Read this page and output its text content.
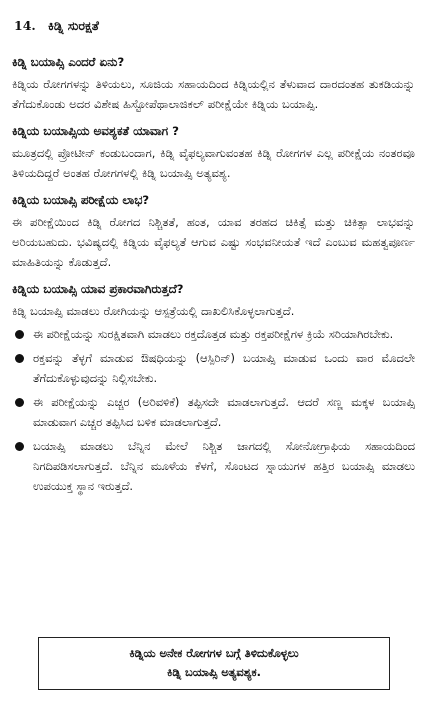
14. ಕಿಡ್ನಿ ಸುರಕ್ಷತೆ

ಕಿಡ್ನಿ ಬಯಾಪ್ಸಿ ಎಂದರೆ ಏನು?

ಕಿಡ್ನಿಯ ರೋಗಗಳನ್ನು ತಿಳಿಯಲು, ಸೂಜಿಯ ಸಹಾಯದಿಂದ ಕಿಡ್ನಿಯಲ್ಲಿನ ತೆಳುವಾದ ದಾರದಂತಹ ತುಕಡಿಯನ್ನು ತೆಗೆದುಕೊಂಡು ಅದರ ವಿಶೇಷ ಹಿಸ್ಟೋಪೆಥಾಲಾಜಿಕಲ್ ಪರೀಕ್ಷೆಯೇ ಕಿಡ್ನಿಯ ಬಯಾಪ್ಸಿ.

ಕಿಡ್ನಿಯ ಬಯಾಪ್ಸಿಯ ಅವಶ್ಯಕತೆ ಯಾವಾಗ ?

ಮೂತ್ರದಲ್ಲಿ ಪ್ರೋಟೀನ್ ಕಂಡುಬಂದಾಗ, ಕಿಡ್ನಿ ವೈಫಲ್ಯವಾಗುವಂತಹ ಕಿಡ್ನಿ ರೋಗಗಳ ಎಲ್ಲ ಪರೀಕ್ಷೆಯ ನಂತರವೂ ತಿಳಿಯದಿದ್ದರೆ ಅಂತಹ ರೋಗಗಳಲ್ಲಿ ಕಿಡ್ನಿ ಬಯಾಪ್ಸಿ ಅತ್ಯವಶ್ಯ.

ಕಿಡ್ನಿಯ ಬಯಾಪ್ಸಿ ಪರೀಕ್ಷೆಯ ಲಾಭ?

ಈ ಪರೀಕ್ಷೆಯಿಂದ ಕಿಡ್ನಿ ರೋಗದ ನಿಶ್ಚಿತತೆ, ಹಂತ, ಯಾವ ತರಹದ ಚಿಕಿತ್ಸೆ ಮತ್ತು ಚಿಕಿತ್ಸಾ ಲಾಭವನ್ನು ಅರಿಯಬಹುದು. ಭವಿಷ್ಯದಲ್ಲಿ ಕಿಡ್ನಿಯ ವೈಫಲ್ಯತೆ ಆಗುವ ಎಷ್ಟು ಸಂಭವನೀಯತೆ ಇದೆ ಎಂಬುವ ಮಹತ್ವಪೂರ್ಣ ಮಾಹಿತಿಯನ್ನು ಕೊಡುತ್ತದೆ.

ಕಿಡ್ನಿಯ ಬಯಾಪ್ಸಿ ಯಾವ ಪ್ರಕಾರವಾಗಿರುತ್ತದೆ?

ಕಿಡ್ನಿ ಬಯಾಪ್ಸಿ ಮಾಡಲು ರೋಗಿಯನ್ನು ಆಸ್ಪತ್ರೆಯಲ್ಲಿ ದಾಖಲಿಸಿಕೊಳ್ಳಲಾಗುತ್ತದೆ.

ಈ ಪರೀಕ್ಷೆಯನ್ನು ಸುರಕ್ಷಿತವಾಗಿ ಮಾಡಲು ರಕ್ತದೊತ್ತಡ ಮತ್ತು ರಕ್ತಪರೀಕ್ಷೆಗಳ ಕ್ರಿಯೆ ಸರಿಯಾಗಿರಬೇಕು.
ರಕ್ತವನ್ನು ತೆಳ್ಳಗೆ ಮಾಡುವ ಔಷಧಿಯನ್ನು (ಆಸ್ಪಿರಿನ್) ಬಯಾಪ್ಸಿ ಮಾಡುವ ಒಂದು ವಾರ ಮೊದಲೇ ತೆಗೆದುಕೊಳ್ಳುವುದನ್ನು ನಿಲ್ಲಿಸಬೇಕು.
ಈ ಪರೀಕ್ಷೆಯನ್ನು ಎಚ್ಚರ (ಅರಿವಳಿಕೆ) ತಪ್ಪಿಸದೇ ಮಾಡಲಾಗುತ್ತದೆ. ಆದರೆ ಸಣ್ಣ ಮಕ್ಕಳ ಬಯಾಪ್ಸಿ ಮಾಡುವಾಗ ಎಚ್ಚರ ತಪ್ಪಿಸಿದ ಬಳಿಕ ಮಾಡಲಾಗುತ್ತದೆ.
ಬಯಾಪ್ಸಿ ಮಾಡಲು ಬೆನ್ನಿನ ಮೇಲೆ ನಿಶ್ಚಿತ ಜಾಗದಲ್ಲಿ ಸೋನೋಗ್ರಾಫಿಯ ಸಹಾಯದಿಂದ ನಿಗದಿಪಡಿಸಲಾಗುತ್ತದೆ. ಬೆನ್ನಿನ ಮೂಳೆಯ ಕೆಳಗೆ, ಸೊಂಟದ ಸ್ನಾಯುಗಳ ಹತ್ತಿರ ಬಯಾಪ್ಸಿ ಮಾಡಲು ಉಪಯುಕ್ತ ಸ್ಥಾನ ಇರುತ್ತದೆ.
ಕಿಡ್ನಿಯ ಅನೇಕ ರೋಗಗಳ ಬಗ್ಗೆ ತಿಳಿದುಕೊಳ್ಳಲು
ಕಿಡ್ನಿ ಬಯಾಪ್ಸಿ ಅತ್ಯವಶ್ಯಕ.
